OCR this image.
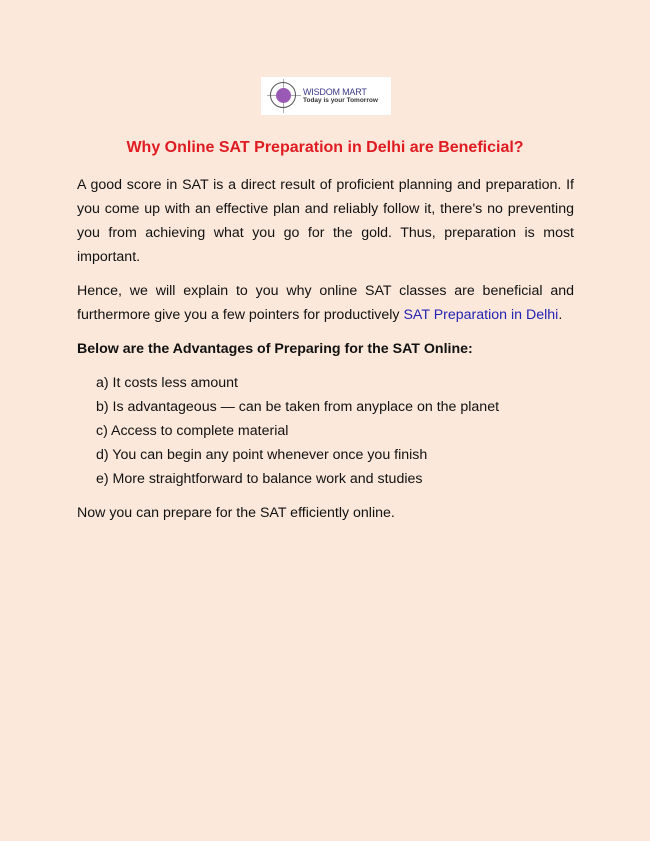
WISDOM MART
Today is your Tomorrow
Why Online SAT Preparation in Delhi are Beneficial?

A good score in SAT is a direct result of proficient planning and preparation. If you come up with an effective plan and reliably follow it, there's no preventing you from achieving what you go for the gold. Thus, preparation is most important.

Hence, we will explain to you why online SAT classes are beneficial and furthermore give you a few pointers for productively SAT Preparation in Delhi.

Below are the Advantages of Preparing for the SAT Online:

a) It costs less amount
b) Is advantageous — can be taken from anyplace on the planet
c) Access to complete material
d) You can begin any point whenever once you finish
e) More straightforward to balance work and studies

Now you can prepare for the SAT efficiently online.
